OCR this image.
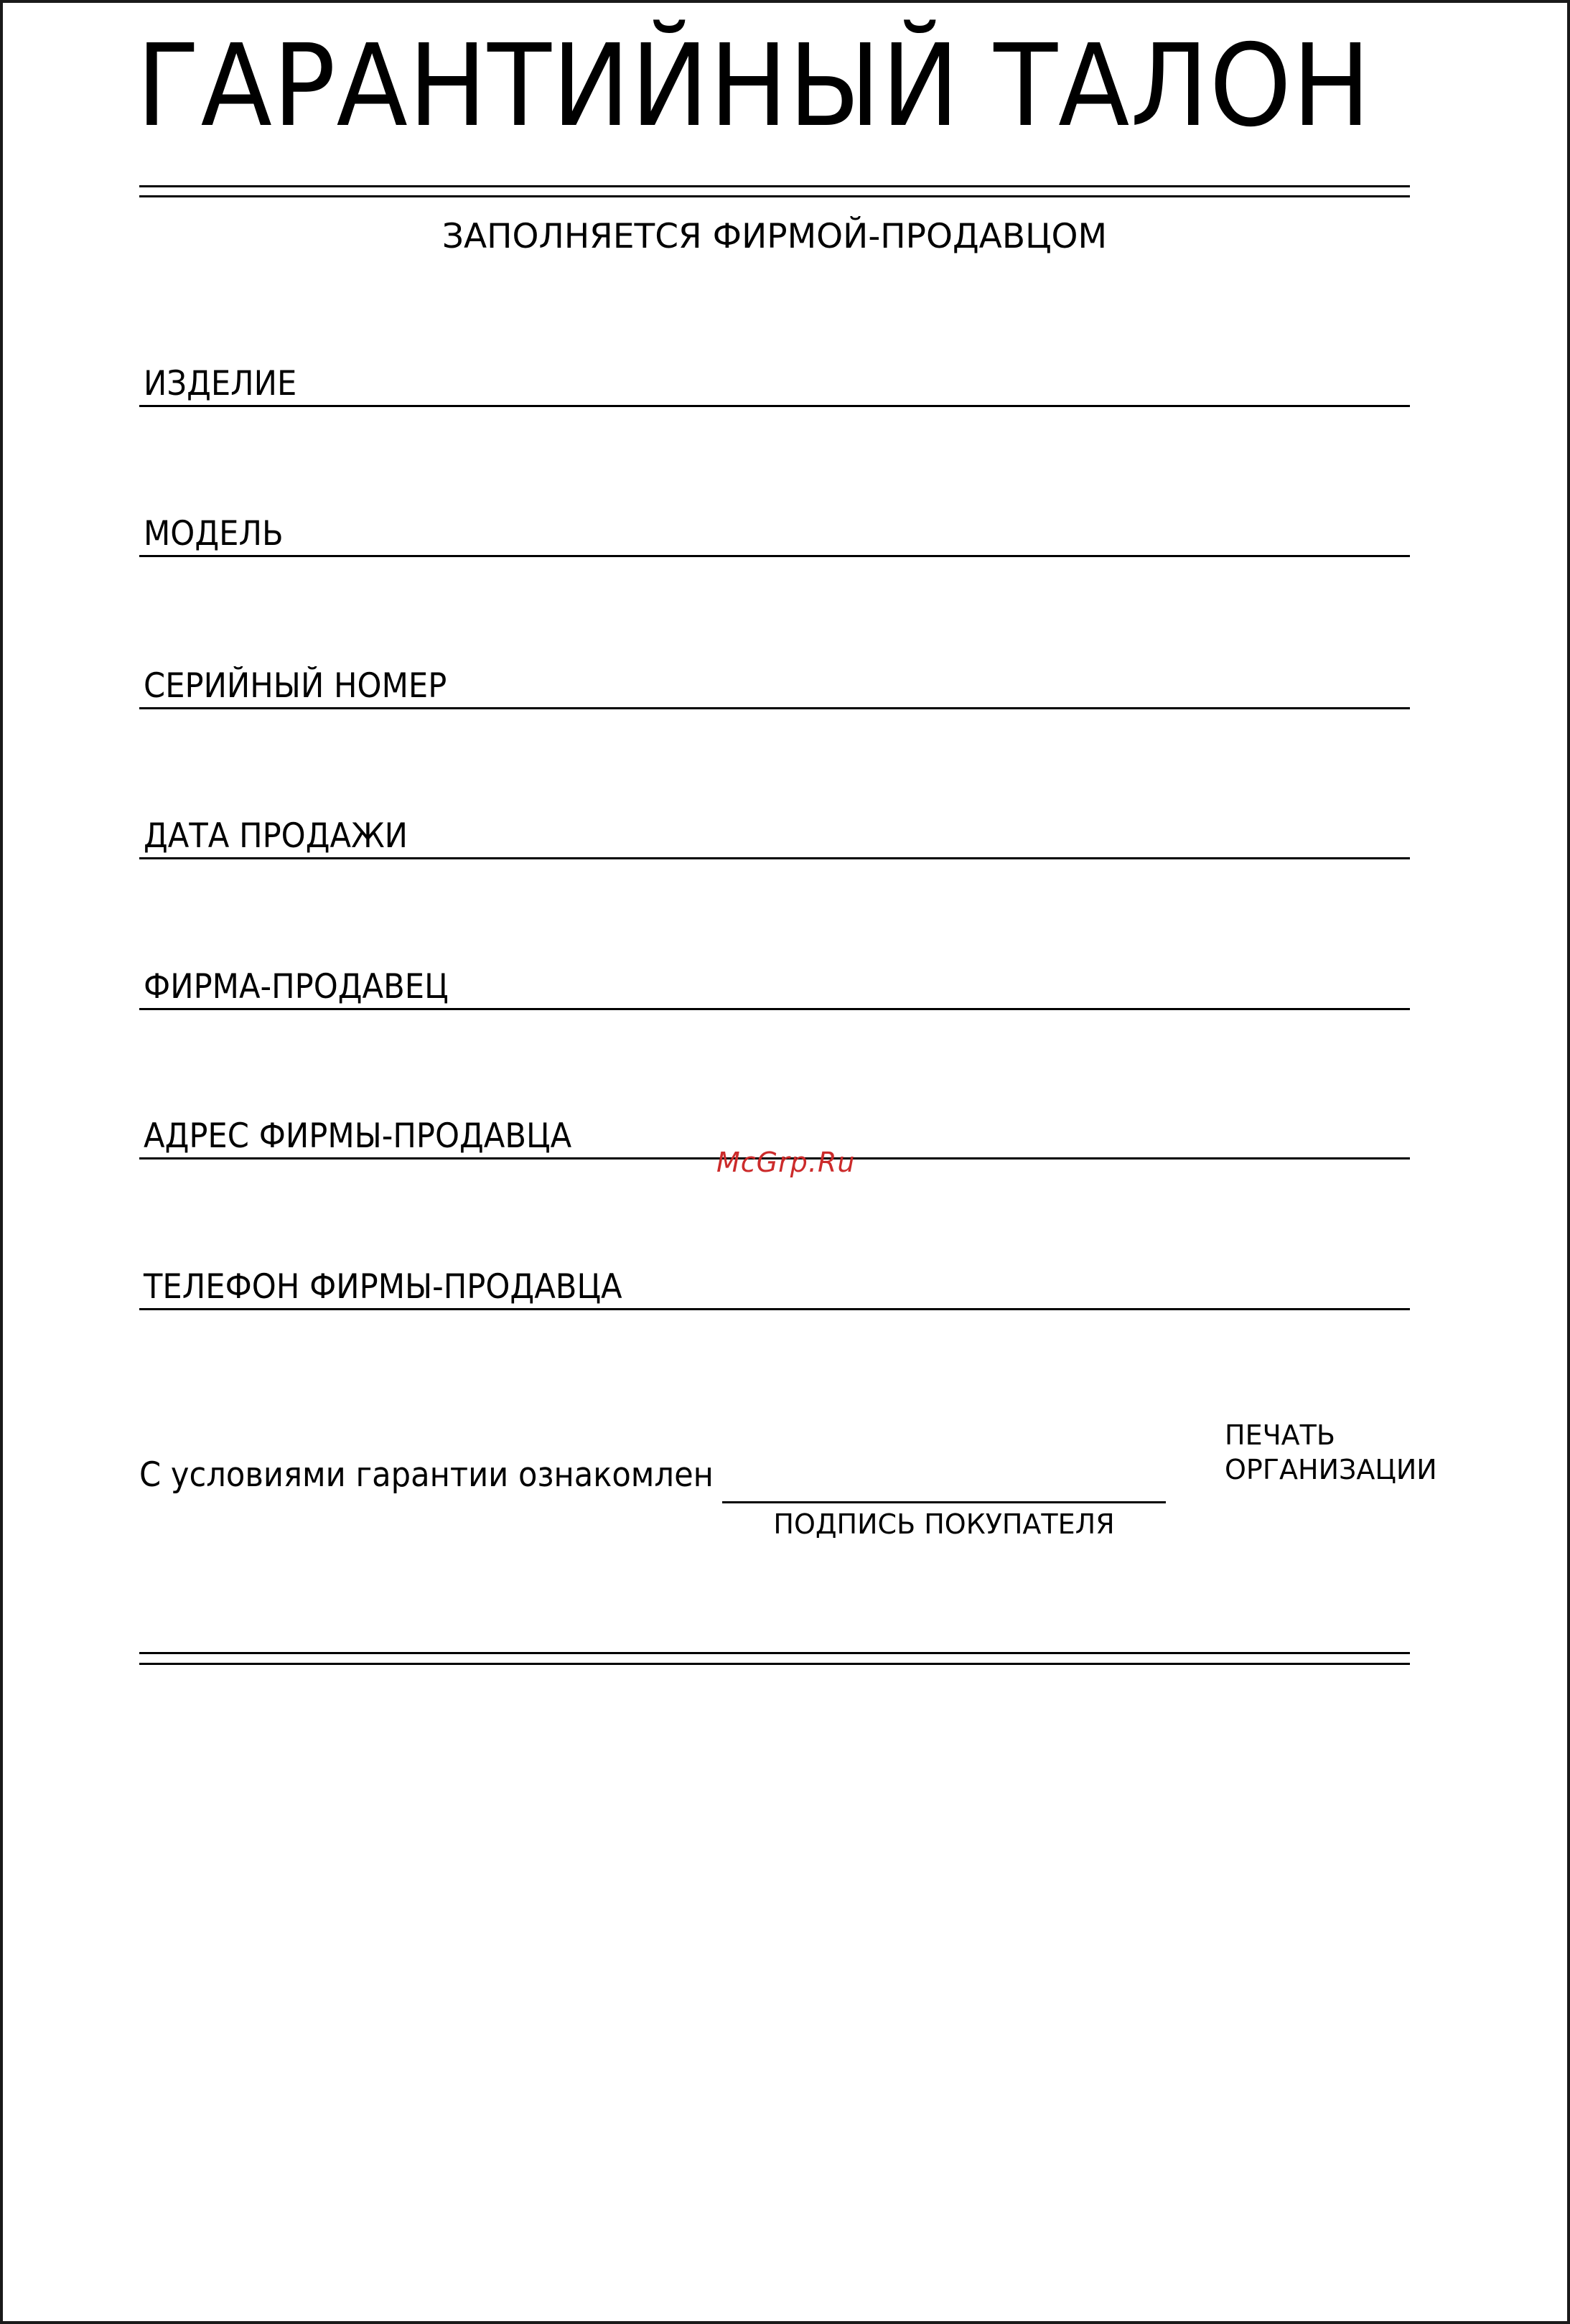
ГАРАНТИЙНЫЙ ТАЛОН
ЗАПОЛНЯЕТСЯ ФИРМОЙ-ПРОДАВЦОМ
ИЗДЕЛИЕ
МОДЕЛЬ
СЕРИЙНЫЙ НОМЕР
ДАТА ПРОДАЖИ
ФИРМА-ПРОДАВЕЦ
АДРЕС ФИРМЫ-ПРОДАВЦА
ТЕЛЕФОН ФИРМЫ-ПРОДАВЦА
McGrp.Ru
С условиями гарантии ознакомлен
ПОДПИСЬ ПОКУПАТЕЛЯ
ПЕЧАТЬ
ОРГАНИЗАЦИИ
